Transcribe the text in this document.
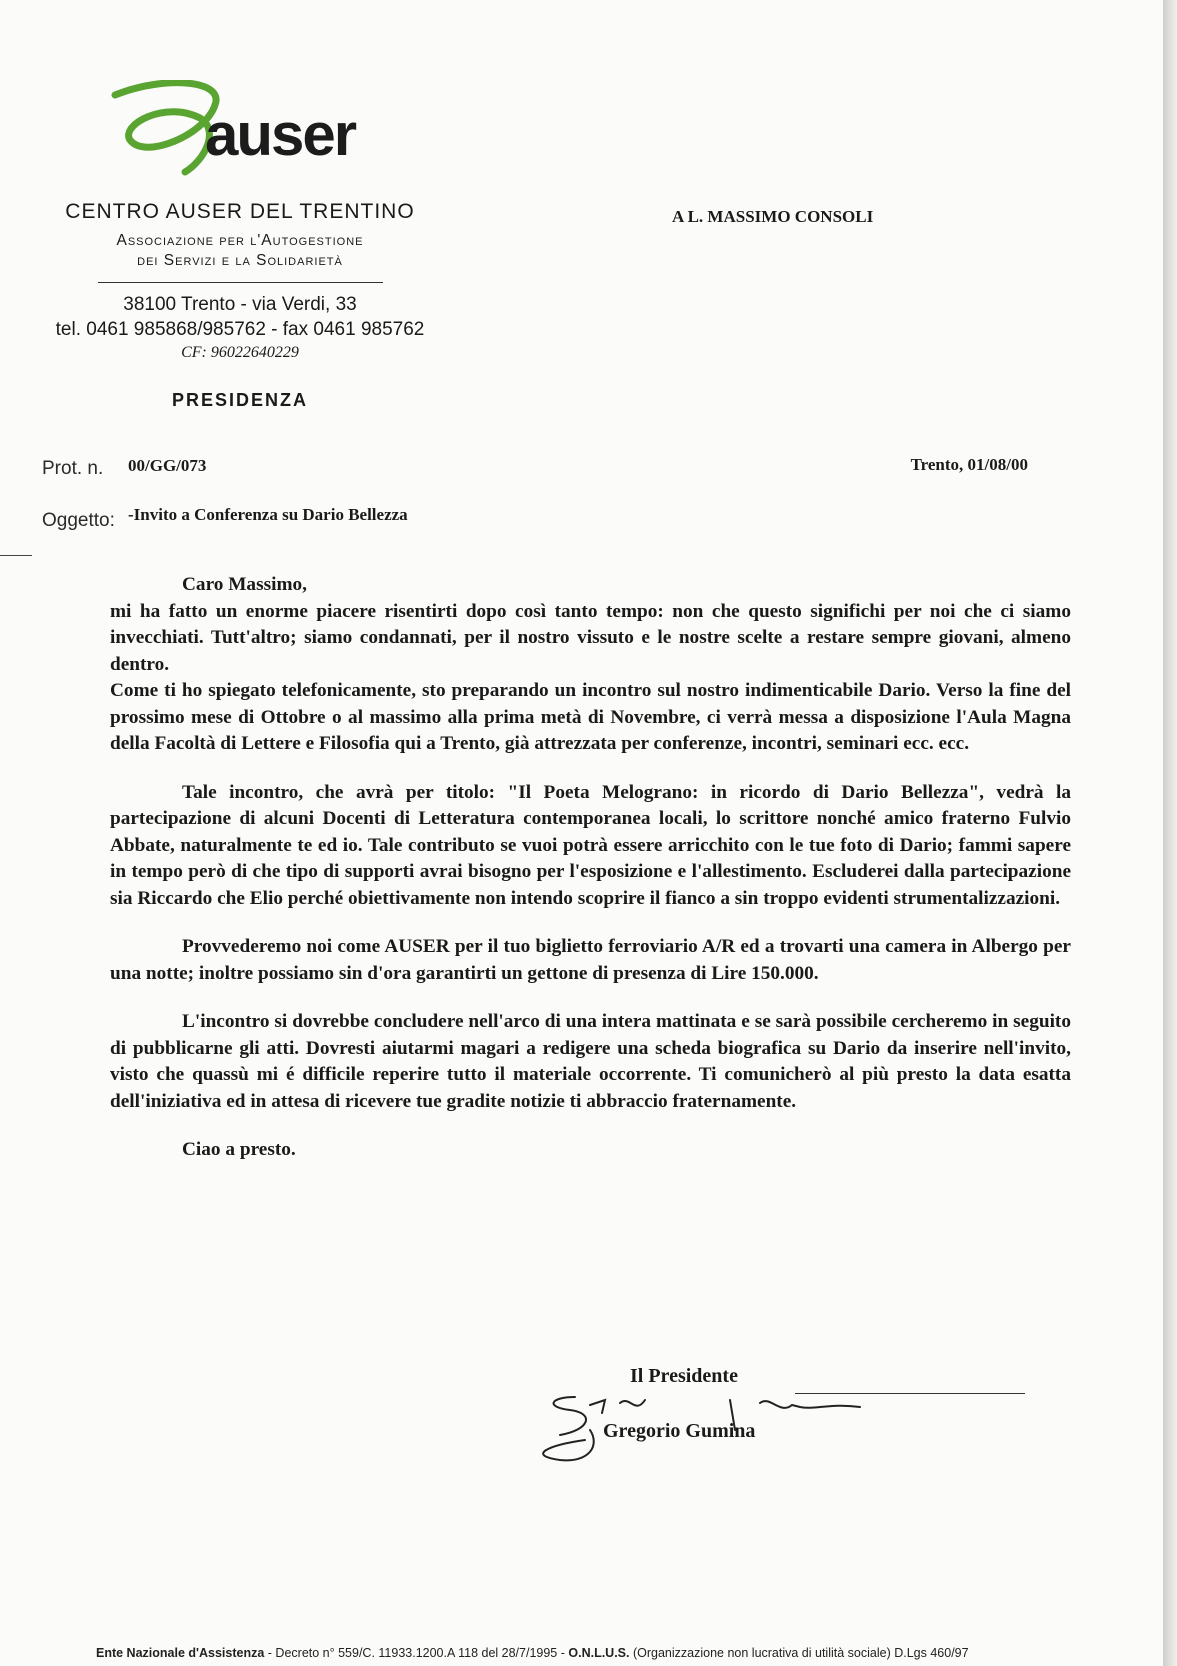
auser
CENTRO AUSER DEL TRENTINO
Associazione per l'Autogestione
dei Servizi e la Solidarietà
38100 Trento - via Verdi, 33
tel. 0461 985868/985762 - fax 0461 985762
CF: 96022640229
PRESIDENZA
A L. MASSIMO CONSOLI
Prot. n. 00/GG/073	Trento, 01/08/00
Oggetto: -Invito a Conferenza su Dario Bellezza

Caro Massimo,

mi ha fatto un enorme piacere risentirti dopo così tanto tempo: non che questo significhi per noi che ci siamo invecchiati. Tutt'altro; siamo condannati, per il nostro vissuto e le nostre scelte a restare sempre giovani, almeno dentro.

Come ti ho spiegato telefonicamente, sto preparando un incontro sul nostro indimenticabile Dario. Verso la fine del prossimo mese di Ottobre o al massimo alla prima metà di Novembre, ci verrà messa a disposizione l'Aula Magna della Facoltà di Lettere e Filosofia qui a Trento, già attrezzata per conferenze, incontri, seminari ecc. ecc.

Tale incontro, che avrà per titolo: "Il Poeta Melograno: in ricordo di Dario Bellezza", vedrà la partecipazione di alcuni Docenti di Letteratura contemporanea locali, lo scrittore nonché amico fraterno Fulvio Abbate, naturalmente te ed io. Tale contributo se vuoi potrà essere arricchito con le tue foto di Dario; fammi sapere in tempo però di che tipo di supporti avrai bisogno per l'esposizione e l'allestimento. Escluderei dalla partecipazione sia Riccardo che Elio perché obiettivamente non intendo scoprire il fianco a sin troppo evidenti strumentalizzazioni.

Provvederemo noi come AUSER per il tuo biglietto ferroviario A/R ed a trovarti una camera in Albergo per una notte; inoltre possiamo sin d'ora garantirti un gettone di presenza di Lire 150.000.

L'incontro si dovrebbe concludere nell'arco di una intera mattinata e se sarà possibile cercheremo in seguito di pubblicarne gli atti. Dovresti aiutarmi magari a redigere una scheda biografica su Dario da inserire nell'invito, visto che quassù mi é difficile reperire tutto il materiale occorrente. Ti comunicherò al più presto la data esatta dell'iniziativa ed in attesa di ricevere tue gradite notizie ti abbraccio fraternamente.

Ciao a presto.

Il Presidente
Gregorio Gumina
Ente Nazionale d'Assistenza - Decreto n° 559/C. 11933.1200.A 118 del 28/7/1995 - O.N.L.U.S. (Organizzazione non lucrativa di utilità sociale) D.Lgs 460/97
